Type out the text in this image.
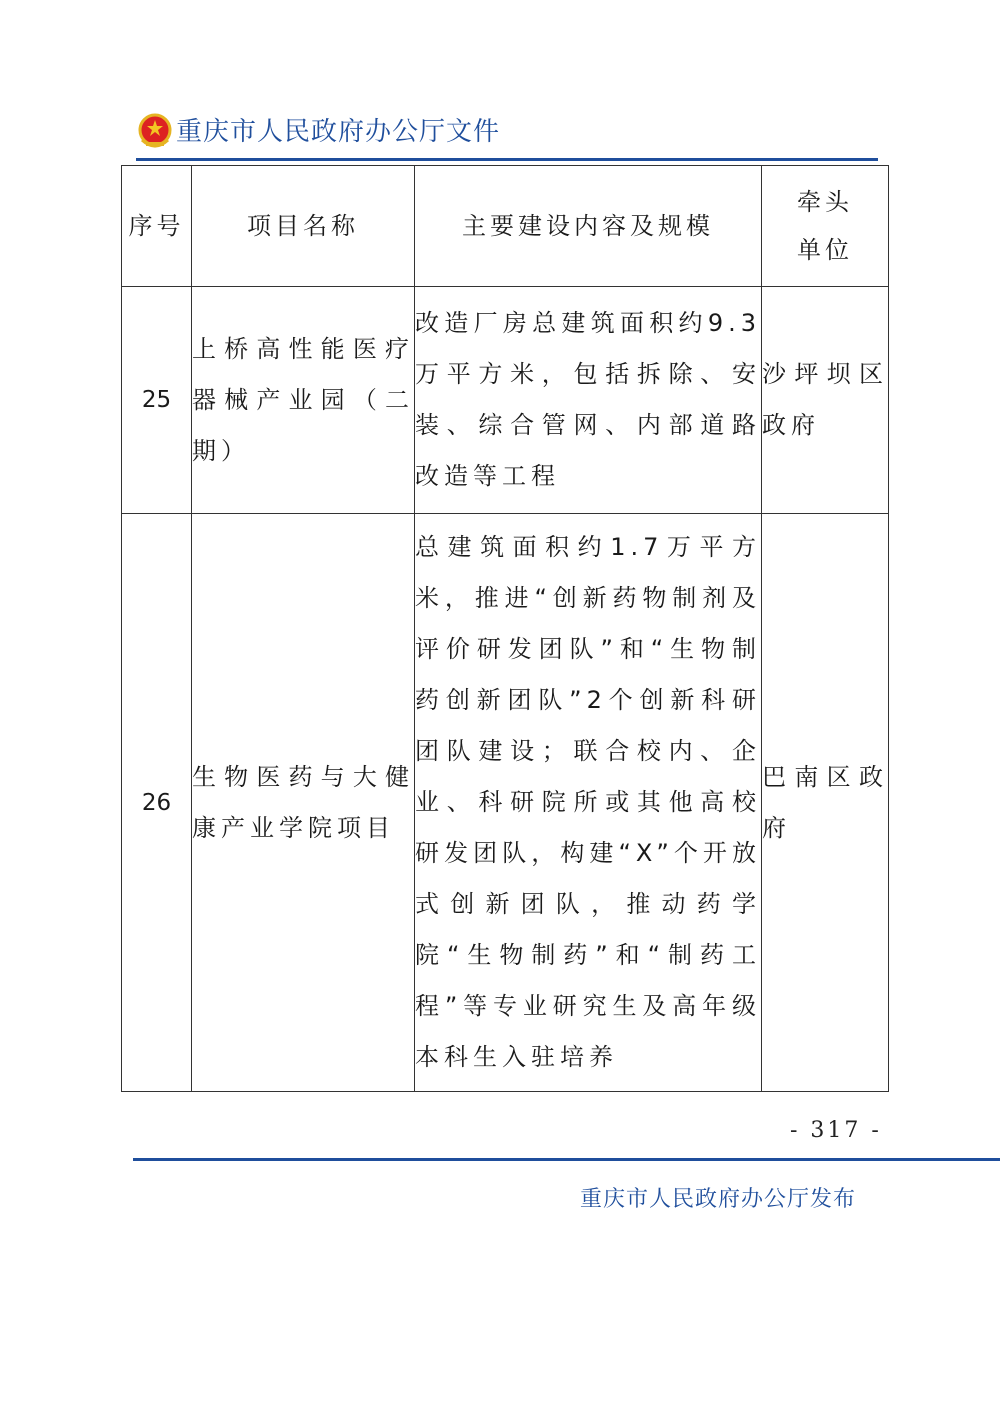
重庆市人民政府办公厅文件
序号	项目名称	主要建设内容及规模	牵头单位
25	上桥高性能医疗器械产业园（二期）	改造厂房总建筑面积约9.3万平方米，包括拆除、安装、综合管网、内部道路改造等工程	沙坪坝区政府
26	生物医药与大健康产业学院项目	总建筑面积约1.7万平方米，推进“创新药物制剂及评价研发团队”和“生物制药创新团队”2个创新科研团队建设；联合校内、企业、科研院所或其他高校研发团队，构建“X”个开放式创新团队，推动药学院“生物制药”和“制药工程”等专业研究生及高年级本科生入驻培养	巴南区政府
- 317 -
重庆市人民政府办公厅发布
